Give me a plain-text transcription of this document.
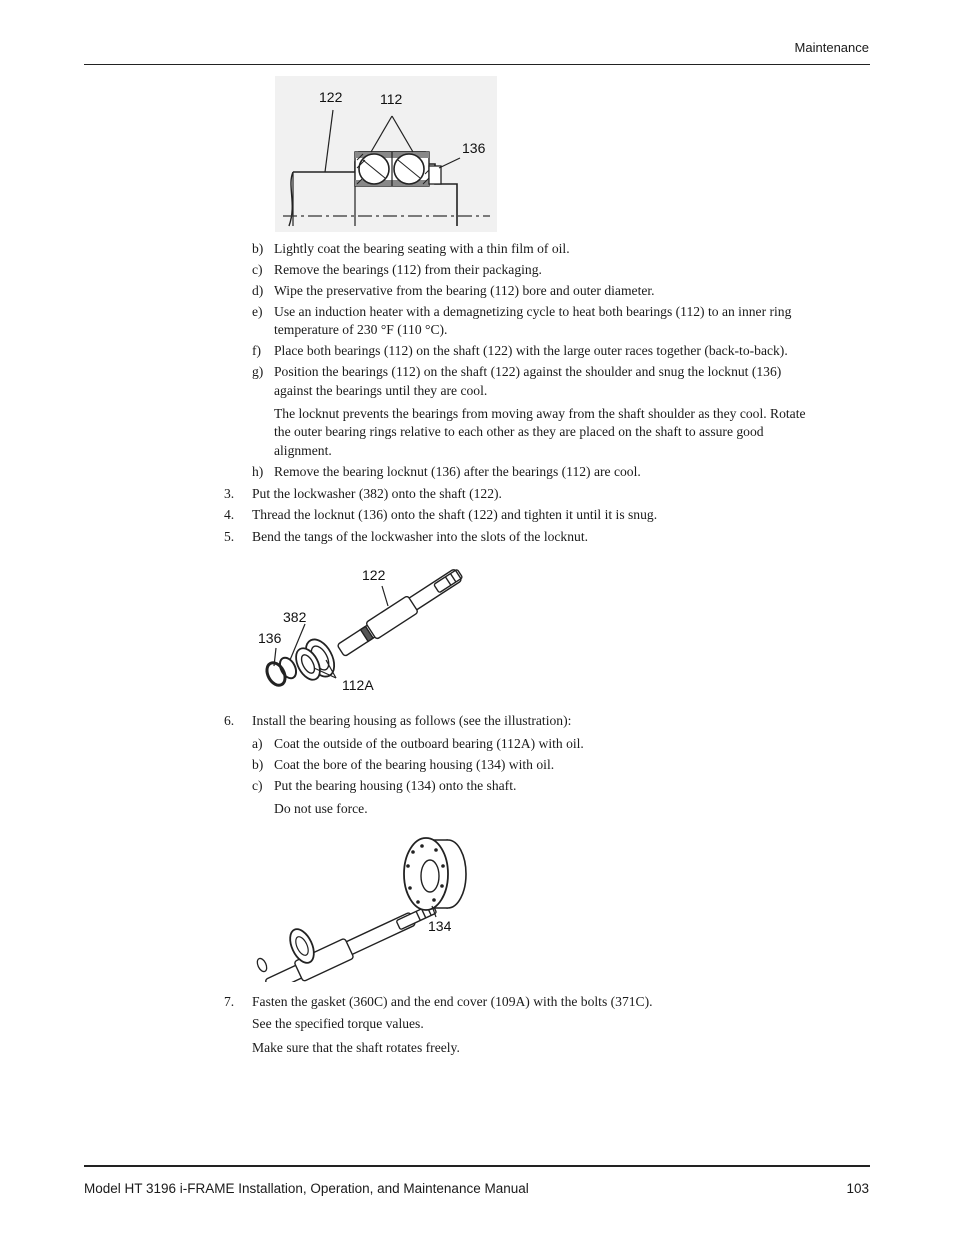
Maintenance
122	112
136
b) Lightly coat the bearing seating with a thin film of oil.
c) Remove the bearings (112) from their packaging.
d) Wipe the preservative from the bearing (112) bore and outer diameter.
e) Use an induction heater with a demagnetizing cycle to heat both bearings (112) to an inner ring
temperature of 230 °F (110 °C).
f) Place both bearings (112) on the shaft (122) with the large outer races together (back-to-back).
g) Position the bearings (112) on the shaft (122) against the shoulder and snug the locknut (136)
against the bearings until they are cool.
The locknut prevents the bearings from moving away from the shaft shoulder as they cool. Rotate
the outer bearing rings relative to each other as they are placed on the shaft to assure good
alignment.
h) Remove the bearing locknut (136) after the bearings (112) are cool.
3.	Put the lockwasher (382) onto the shaft (122).
4.	Thread the locknut (136) onto the shaft (122) and tighten it until it is snug.
5.	Bend the tangs of the lockwasher into the slots of the locknut.
122
382
136
112A
6.	Install the bearing housing as follows (see the illustration):
a) Coat the outside of the outboard bearing (112A) with oil.
b) Coat the bore of the bearing housing (134) with oil.
c) Put the bearing housing (134) onto the shaft.
Do not use force.
134
7.	Fasten the gasket (360C) and the end cover (109A) with the bolts (371C).
See the specified torque values.
Make sure that the shaft rotates freely.
Model HT 3196 i-FRAME Installation, Operation, and Maintenance Manual	103
